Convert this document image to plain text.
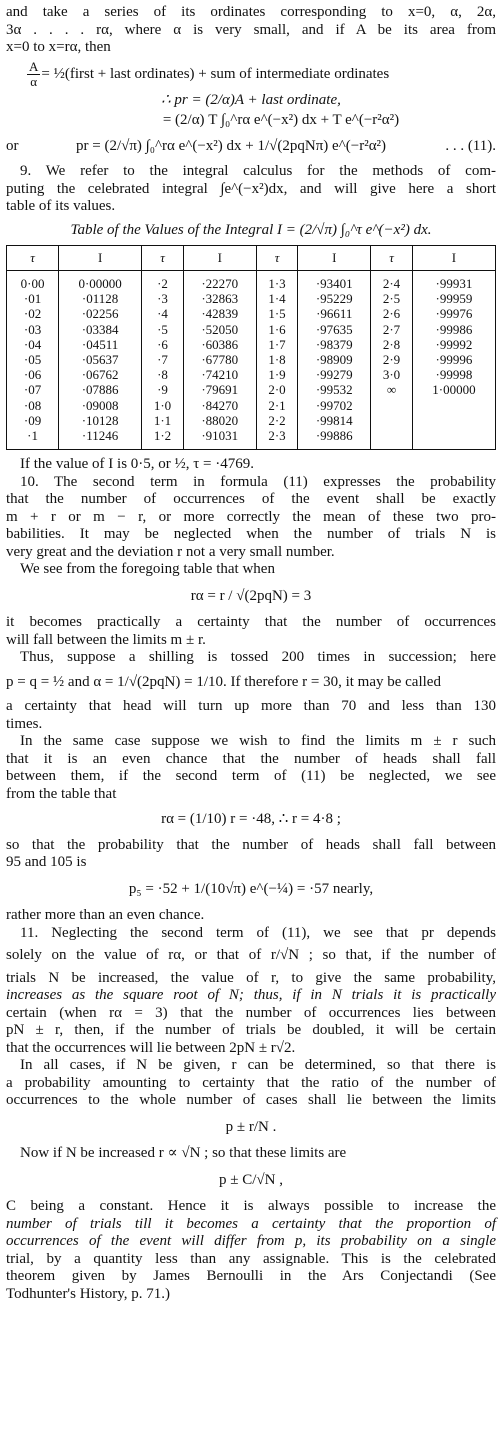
and take a series of its ordinates corresponding to x=0, α, 2α,
3α . . . . rα, where α is very small, and if A be its area from
x=0 to x=rα, then
$\frac{A}{\alpha}$ = ½(first + last ordinates) + sum of intermediate ordinates
∴ pr = (2/α)A + last ordinate,
= (2/α) T ∫₀^rα e^(−x²) dx + T e^(−r²α²)
or	pr = (2/√π) ∫₀^rα e^(−x²) dx + 1/√(2pqNπ) e^(−r²α²)	. . . (11).
9. We refer to the integral calculus for the methods of com-
puting the celebrated integral ∫e^(−x²)dx, and will give here a short
table of its values.
Table of the Values of the Integral I = (2/√π) ∫₀^τ e^(−x²) dx.
τ	I	τ	I	τ	I	τ	I
0·00	0·00000	·2	·22270	1·3	·93401	2·4	·99931
·01	·01128	·3	·32863	1·4	·95229	2·5	·99959
·02	·02256	·4	·42839	1·5	·96611	2·6	·99976
·03	·03384	·5	·52050	1·6	·97635	2·7	·99986
·04	·04511	·6	·60386	1·7	·98379	2·8	·99992
·05	·05637	·7	·67780	1·8	·98909	2·9	·99996
·06	·06762	·8	·74210	1·9	·99279	3·0	·99998
·07	·07886	·9	·79691	2·0	·99532	∞	1·00000
·08	·09008	1·0	·84270	2·1	·99702		
·09	·10128	1·1	·88020	2·2	·99814		
·1	·11246	1·2	·91031	2·3	·99886		
If the value of I is 0·5, or ½, τ = ·4769.
10. The second term in formula (11) expresses the probability
that the number of occurrences of the event shall be exactly
m + r or m − r, or more correctly the mean of these two pro-
babilities. It may be neglected when the number of trials N is
very great and the deviation r not a very small number.
We see from the foregoing table that when
rα = r / √(2pqN) = 3
it becomes practically a certainty that the number of occurrences
will fall between the limits m ± r.
Thus, suppose a shilling is tossed 200 times in succession; here
p = q = ½ and α = 1/√(2pqN) = 1/10. If therefore r = 30, it may be called
a certainty that head will turn up more than 70 and less than 130
times.
In the same case suppose we wish to find the limits m ± r such
that it is an even chance that the number of heads shall fall
between them, if the second term of (11) be neglected, we see
from the table that
rα = (1/10) r = ·48, ∴ r = 4·8 ;
so that the probability that the number of heads shall fall between
95 and 105 is
p₅ = ·52 + 1/(10√π) e^(−¼) = ·57 nearly,
rather more than an even chance.
11. Neglecting the second term of (11), we see that pr depends
solely on the value of rα, or that of r/√N ; so that, if the number of
trials N be increased, the value of r, to give the same probability,
increases as the square root of N; thus, if in N trials it is practically
certain (when rα = 3) that the number of occurrences lies between
pN ± r, then, if the number of trials be doubled, it will be certain
that the occurrences will lie between 2pN ± r√2.
In all cases, if N be given, r can be determined, so that there is
a probability amounting to certainty that the ratio of the number of
occurrences to the whole number of cases shall lie between the limits
p ± r/N .
Now if N be increased r ∝ √N ; so that these limits are
p ± C/√N ,
C being a constant. Hence it is always possible to increase the
number of trials till it becomes a certainty that the proportion of
occurrences of the event will differ from p, its probability on a single
trial, by a quantity less than any assignable. This is the celebrated
theorem given by James Bernoulli in the Ars Conjectandi (See
Todhunter's History, p. 71.)
